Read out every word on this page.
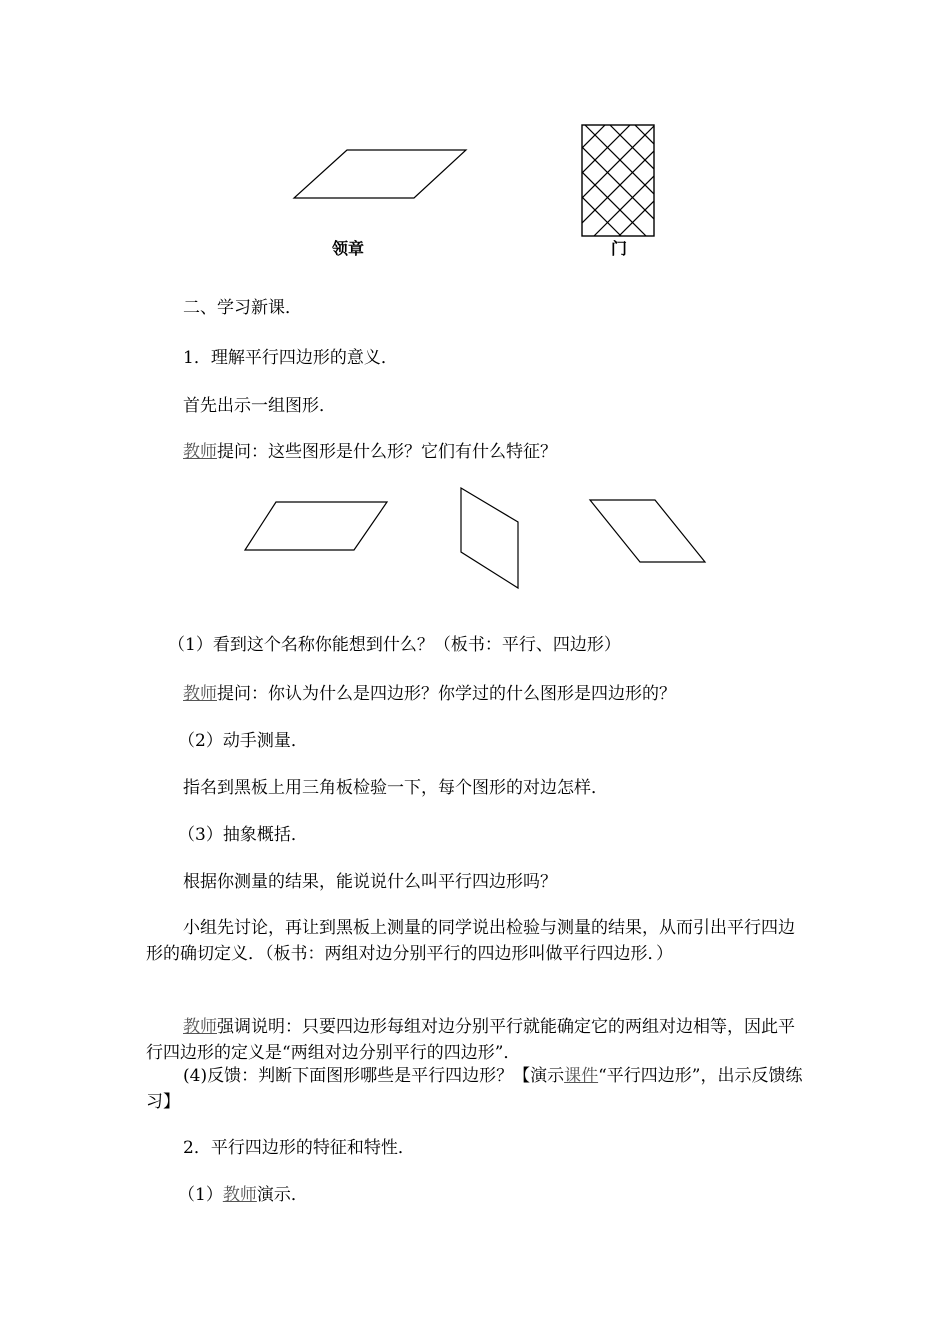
领章	门
二、学习新课．
1．理解平行四边形的意义．
首先出示一组图形．
教师提问：这些图形是什么形？它们有什么特征？
（1）看到这个名称你能想到什么？（板书：平行、四边形）
教师提问：你认为什么是四边形？你学过的什么图形是四边形的？
（2）动手测量．
指名到黑板上用三角板检验一下，每个图形的对边怎样．
（3）抽象概括．
根据你测量的结果，能说说什么叫平行四边形吗？
小组先讨论，再让到黑板上测量的同学说出检验与测量的结果，从而引出平行四边形的确切定义．（板书：两组对边分别平行的四边形叫做平行四边形．）
教师强调说明：只要四边形每组对边分别平行就能确定它的两组对边相等，因此平行四边形的定义是“两组对边分别平行的四边形”．
(4)反馈：判断下面图形哪些是平行四边形？【演示课件“平行四边形”，出示反馈练习】
2．平行四边形的特征和特性．
（1）教师演示．
